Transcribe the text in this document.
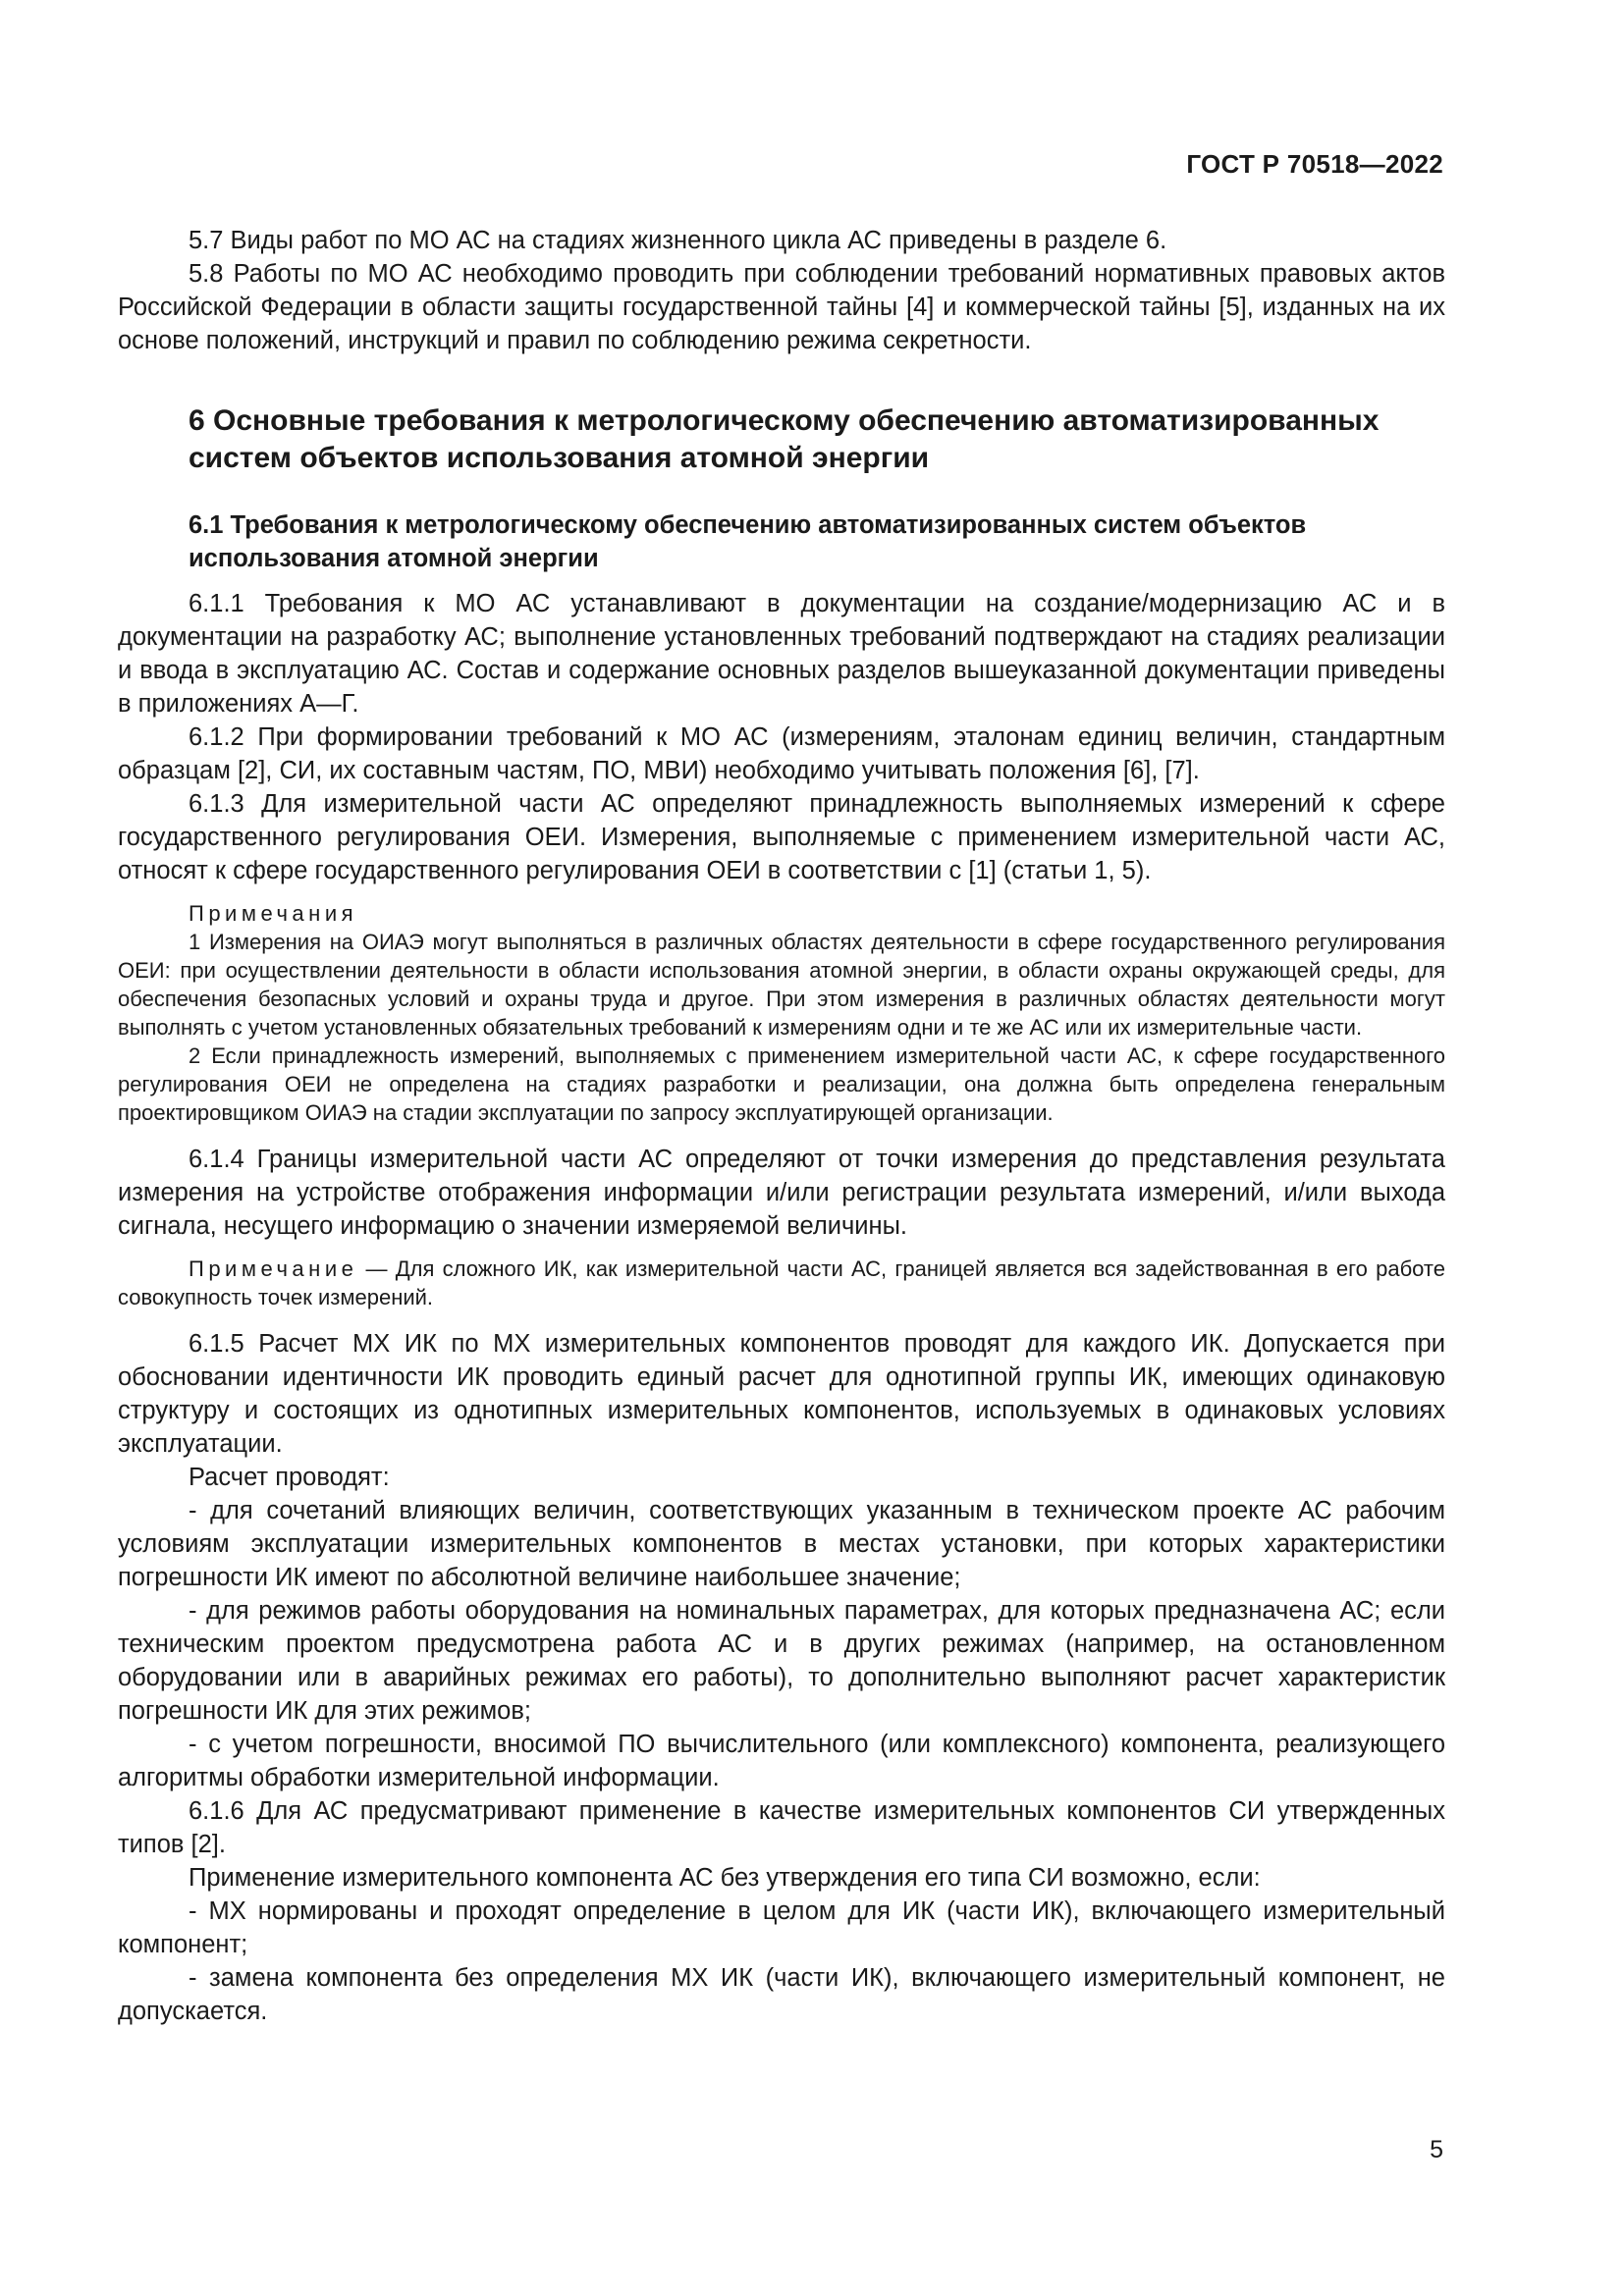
ГОСТ Р 70518—2022

5.7 Виды работ по МО АС на стадиях жизненного цикла АС приведены в разделе 6.

5.8 Работы по МО АС необходимо проводить при соблюдении требований нормативных правовых актов Российской Федерации в области защиты государственной тайны [4] и коммерческой тайны [5], изданных на их основе положений, инструкций и правил по соблюдению режима секретности.

6 Основные требования к метрологическому обеспечению автоматизированных систем объектов использования атомной энергии
6.1 Требования к метрологическому обеспечению автоматизированных систем объектов использования атомной энергии

6.1.1 Требования к МО АС устанавливают в документации на создание/модернизацию АС и в документации на разработку АС; выполнение установленных требований подтверждают на стадиях реализации и ввода в эксплуатацию АС. Состав и содержание основных разделов вышеуказанной документации приведены в приложениях А—Г.

6.1.2 При формировании требований к МО АС (измерениям, эталонам единиц величин, стандартным образцам [2], СИ, их составным частям, ПО, МВИ) необходимо учитывать положения [6], [7].

6.1.3 Для измерительной части АС определяют принадлежность выполняемых измерений к сфере государственного регулирования ОЕИ. Измерения, выполняемые с применением измерительной части АС, относят к сфере государственного регулирования ОЕИ в соответствии с [1] (статьи 1, 5).

Примечания

1 Измерения на ОИАЭ могут выполняться в различных областях деятельности в сфере государственного регулирования ОЕИ: при осуществлении деятельности в области использования атомной энергии, в области охраны окружающей среды, для обеспечения безопасных условий и охраны труда и другое. При этом измерения в различных областях деятельности могут выполнять с учетом установленных обязательных требований к измерениям одни и те же АС или их измерительные части.

2 Если принадлежность измерений, выполняемых с применением измерительной части АС, к сфере государственного регулирования ОЕИ не определена на стадиях разработки и реализации, она должна быть определена генеральным проектировщиком ОИАЭ на стадии эксплуатации по запросу эксплуатирующей организации.

6.1.4 Границы измерительной части АС определяют от точки измерения до представления результата измерения на устройстве отображения информации и/или регистрации результата измерений, и/или выхода сигнала, несущего информацию о значении измеряемой величины.

Примечание — Для сложного ИК, как измерительной части АС, границей является вся задействованная в его работе совокупность точек измерений.

6.1.5 Расчет МХ ИК по МХ измерительных компонентов проводят для каждого ИК. Допускается при обосновании идентичности ИК проводить единый расчет для однотипной группы ИК, имеющих одинаковую структуру и состоящих из однотипных измерительных компонентов, используемых в одинаковых условиях эксплуатации.

Расчет проводят:

- для сочетаний влияющих величин, соответствующих указанным в техническом проекте АС рабочим условиям эксплуатации измерительных компонентов в местах установки, при которых характеристики погрешности ИК имеют по абсолютной величине наибольшее значение;

- для режимов работы оборудования на номинальных параметрах, для которых предназначена АС; если техническим проектом предусмотрена работа АС и в других режимах (например, на остановленном оборудовании или в аварийных режимах его работы), то дополнительно выполняют расчет характеристик погрешности ИК для этих режимов;

- с учетом погрешности, вносимой ПО вычислительного (или комплексного) компонента, реализующего алгоритмы обработки измерительной информации.

6.1.6 Для АС предусматривают применение в качестве измерительных компонентов СИ утвержденных типов [2].

Применение измерительного компонента АС без утверждения его типа СИ возможно, если:

- МХ нормированы и проходят определение в целом для ИК (части ИК), включающего измерительный компонент;

- замена компонента без определения МХ ИК (части ИК), включающего измерительный компонент, не допускается.

5
